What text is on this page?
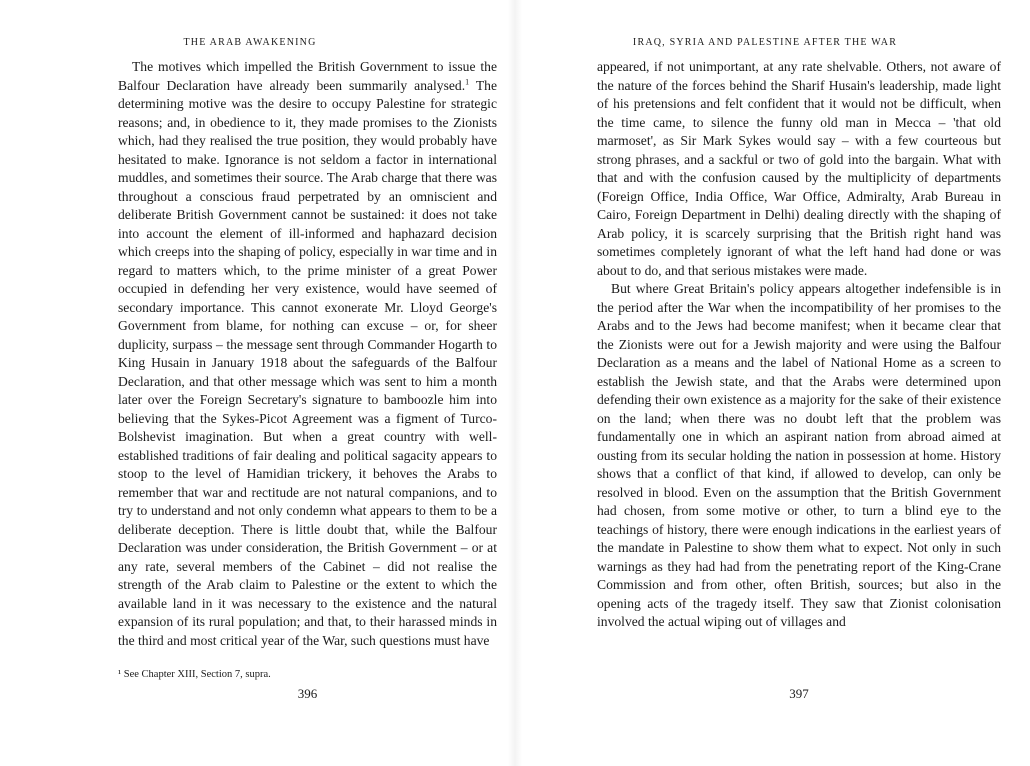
THE ARAB AWAKENING

The motives which impelled the British Government to issue the Balfour Declaration have already been summarily analysed.$^1$ The determining motive was the desire to occupy Palestine for strategic reasons; and, in obedience to it, they made promises to the Zionists which, had they realised the true position, they would probably have hesitated to make. Ignorance is not seldom a factor in international muddles, and sometimes their source. The Arab charge that there was throughout a conscious fraud perpetrated by an omniscient and deliberate British Government cannot be sustained: it does not take into account the element of ill-informed and haphazard decision which creeps into the shaping of policy, especially in war time and in regard to matters which, to the prime minister of a great Power occupied in defending her very existence, would have seemed of secondary importance. This cannot exonerate Mr. Lloyd George's Government from blame, for nothing can excuse – or, for sheer duplicity, surpass – the message sent through Commander Hogarth to King Husain in January 1918 about the safeguards of the Balfour Declaration, and that other message which was sent to him a month later over the Foreign Secretary's signature to bamboozle him into believing that the Sykes-Picot Agreement was a figment of Turco-Bolshevist imagination. But when a great country with well-established traditions of fair dealing and political sagacity appears to stoop to the level of Hamidian trickery, it behoves the Arabs to remember that war and rectitude are not natural companions, and to try to understand and not only condemn what appears to them to be a deliberate deception. There is little doubt that, while the Balfour Declaration was under consideration, the British Government – or at any rate, several members of the Cabinet – did not realise the strength of the Arab claim to Palestine or the extent to which the available land in it was necessary to the existence and the natural expansion of its rural population; and that, to their harassed minds in the third and most critical year of the War, such questions must have

¹ See Chapter XIII, Section 7, supra.
396
IRAQ, SYRIA AND PALESTINE AFTER THE WAR

appeared, if not unimportant, at any rate shelvable. Others, not aware of the nature of the forces behind the Sharif Husain's leadership, made light of his pretensions and felt confident that it would not be difficult, when the time came, to silence the funny old man in Mecca – 'that old marmoset', as Sir Mark Sykes would say – with a few courteous but strong phrases, and a sackful or two of gold into the bargain. What with that and with the confusion caused by the multiplicity of departments (Foreign Office, India Office, War Office, Admiralty, Arab Bureau in Cairo, Foreign Department in Delhi) dealing directly with the shaping of Arab policy, it is scarcely surprising that the British right hand was sometimes completely ignorant of what the left hand had done or was about to do, and that serious mistakes were made.

But where Great Britain's policy appears altogether indefensible is in the period after the War when the incompatibility of her promises to the Arabs and to the Jews had become manifest; when it became clear that the Zionists were out for a Jewish majority and were using the Balfour Declaration as a means and the label of National Home as a screen to establish the Jewish state, and that the Arabs were determined upon defending their own existence as a majority for the sake of their existence on the land; when there was no doubt left that the problem was fundamentally one in which an aspirant nation from abroad aimed at ousting from its secular holding the nation in possession at home. History shows that a conflict of that kind, if allowed to develop, can only be resolved in blood. Even on the assumption that the British Government had chosen, from some motive or other, to turn a blind eye to the teachings of history, there were enough indications in the earliest years of the mandate in Palestine to show them what to expect. Not only in such warnings as they had had from the penetrating report of the King-Crane Commission and from other, often British, sources; but also in the opening acts of the tragedy itself. They saw that Zionist colonisation involved the actual wiping out of villages and

397
